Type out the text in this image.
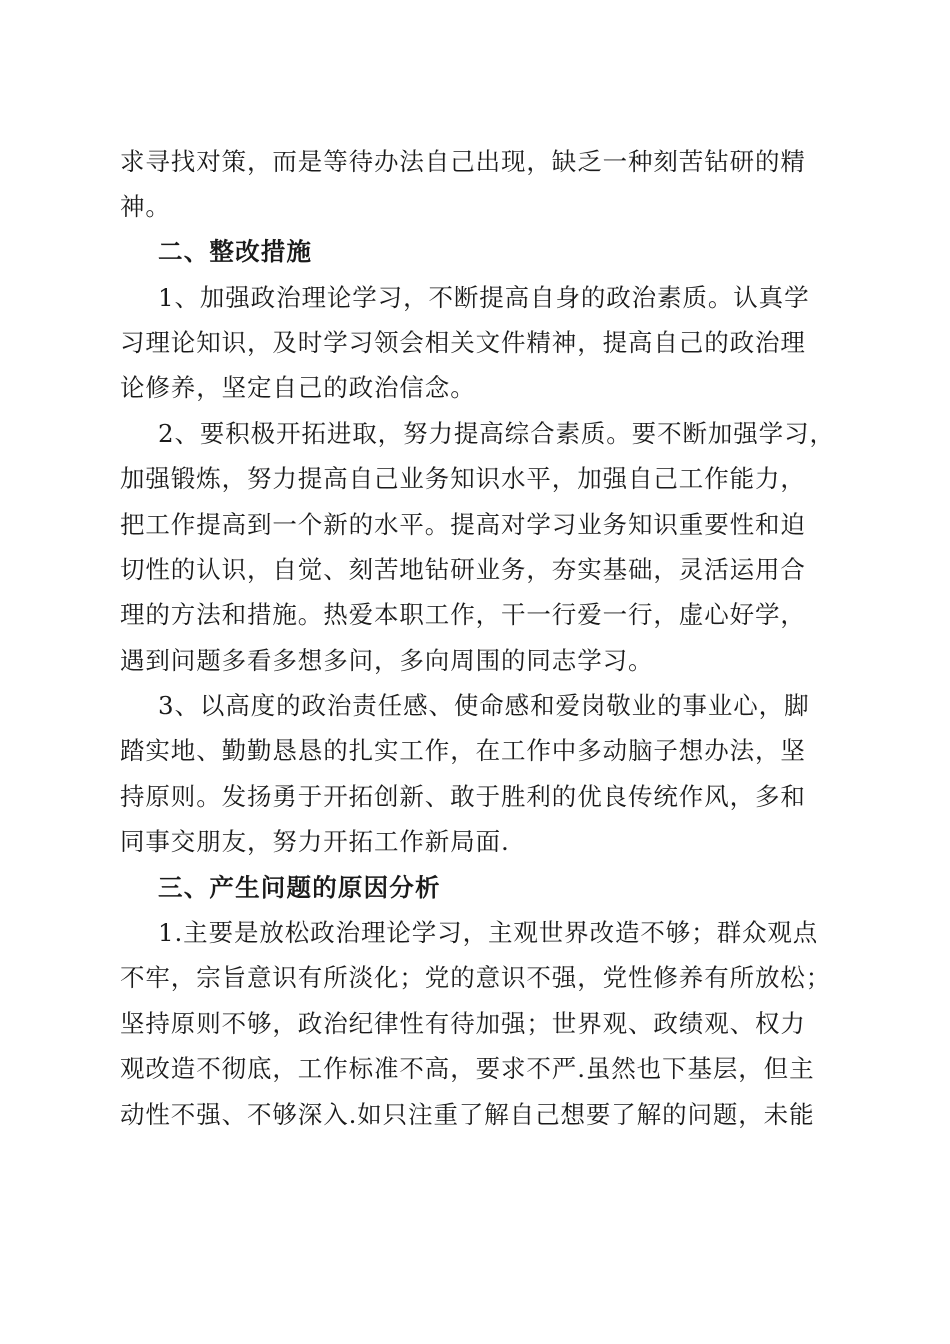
求寻找对策，而是等待办法自己出现，缺乏一种刻苦钻研的精
神。
二、整改措施
1、加强政治理论学习，不断提高自身的政治素质。认真学
习理论知识，及时学习领会相关文件精神，提高自己的政治理
论修养，坚定自己的政治信念。
2、要积极开拓进取，努力提高综合素质。要不断加强学习，
加强锻炼，努力提高自己业务知识水平，加强自己工作能力，
把工作提高到一个新的水平。提高对学习业务知识重要性和迫
切性的认识，自觉、刻苦地钻研业务，夯实基础，灵活运用合
理的方法和措施。热爱本职工作，干一行爱一行，虚心好学，
遇到问题多看多想多问，多向周围的同志学习。
3、以高度的政治责任感、使命感和爱岗敬业的事业心，脚
踏实地、勤勤恳恳的扎实工作，在工作中多动脑子想办法，坚
持原则。发扬勇于开拓创新、敢于胜利的优良传统作风，多和
同事交朋友，努力开拓工作新局面.
三、产生问题的原因分析
1.主要是放松政治理论学习，主观世界改造不够；群众观点
不牢，宗旨意识有所淡化；党的意识不强，党性修养有所放松；
坚持原则不够，政治纪律性有待加强；世界观、政绩观、权力
观改造不彻底，工作标准不高，要求不严.虽然也下基层，但主
动性不强、不够深入.如只注重了解自己想要了解的问题，未能
